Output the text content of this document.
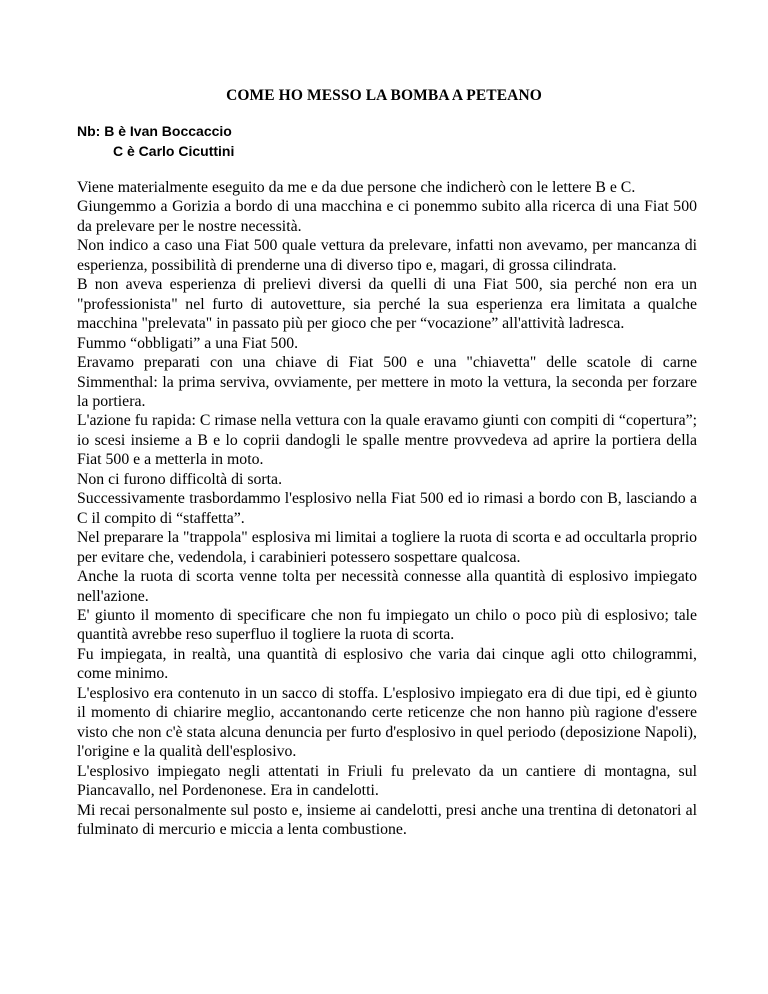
COME HO MESSO LA BOMBA A PETEANO
Nb: B è Ivan Boccaccio
C è Carlo Cicuttini

Viene materialmente eseguito da me e da due persone che indicherò con le lettere B e C.

Giungemmo a Gorizia a bordo di una macchina e ci ponemmo subito alla ricerca di una Fiat 500 da prelevare per le nostre necessità.

Non indico a caso una Fiat 500 quale vettura da prelevare, infatti non avevamo, per mancanza di esperienza, possibilità di prenderne una di diverso tipo e, magari, di grossa cilindrata.

B non aveva esperienza di prelievi diversi da quelli di una Fiat 500, sia perché non era un "professionista" nel furto di autovetture, sia perché la sua esperienza era limitata a qualche macchina "prelevata" in passato più per gioco che per “vocazione” all'attività ladresca.

Fummo “obbligati” a una Fiat 500.

Eravamo preparati con una chiave di Fiat 500 e una "chiavetta" delle scatole di carne Simmenthal: la prima serviva, ovviamente, per mettere in moto la vettura, la seconda per forzare la portiera.

L'azione fu rapida: C rimase nella vettura con la quale eravamo giunti con compiti di “copertura”; io scesi insieme a B e lo coprii dandogli le spalle mentre provvedeva ad aprire la portiera della Fiat 500 e a metterla in moto.

Non ci furono difficoltà di sorta.

Successivamente trasbordammo l'esplosivo nella Fiat 500 ed io rimasi a bordo con B, lasciando a C il compito di “staffetta”.

Nel preparare la "trappola" esplosiva mi limitai a togliere la ruota di scorta e ad occultarla proprio per evitare che, vedendola, i carabinieri potessero sospettare qualcosa.

Anche la ruota di scorta venne tolta per necessità connesse alla quantità di esplosivo impiegato nell'azione.

E' giunto il momento di specificare che non fu impiegato un chilo o poco più di esplosivo; tale quantità avrebbe reso superfluo il togliere la ruota di scorta.

Fu impiegata, in realtà, una quantità di esplosivo che varia dai cinque agli otto chilogrammi, come minimo.

L'esplosivo era contenuto in un sacco di stoffa. L'esplosivo impiegato era di due tipi, ed è giunto il momento di chiarire meglio, accantonando certe reticenze che non hanno più ragione d'essere visto che non c'è stata alcuna denuncia per furto d'esplosivo in quel periodo (deposizione Napoli), l'origine e la qualità dell'esplosivo.

L'esplosivo impiegato negli attentati in Friuli fu prelevato da un cantiere di montagna, sul Piancavallo, nel Pordenonese. Era in candelotti.

Mi recai personalmente sul posto e, insieme ai candelotti, presi anche una trentina di detonatori al fulminato di mercurio e miccia a lenta combustione.
